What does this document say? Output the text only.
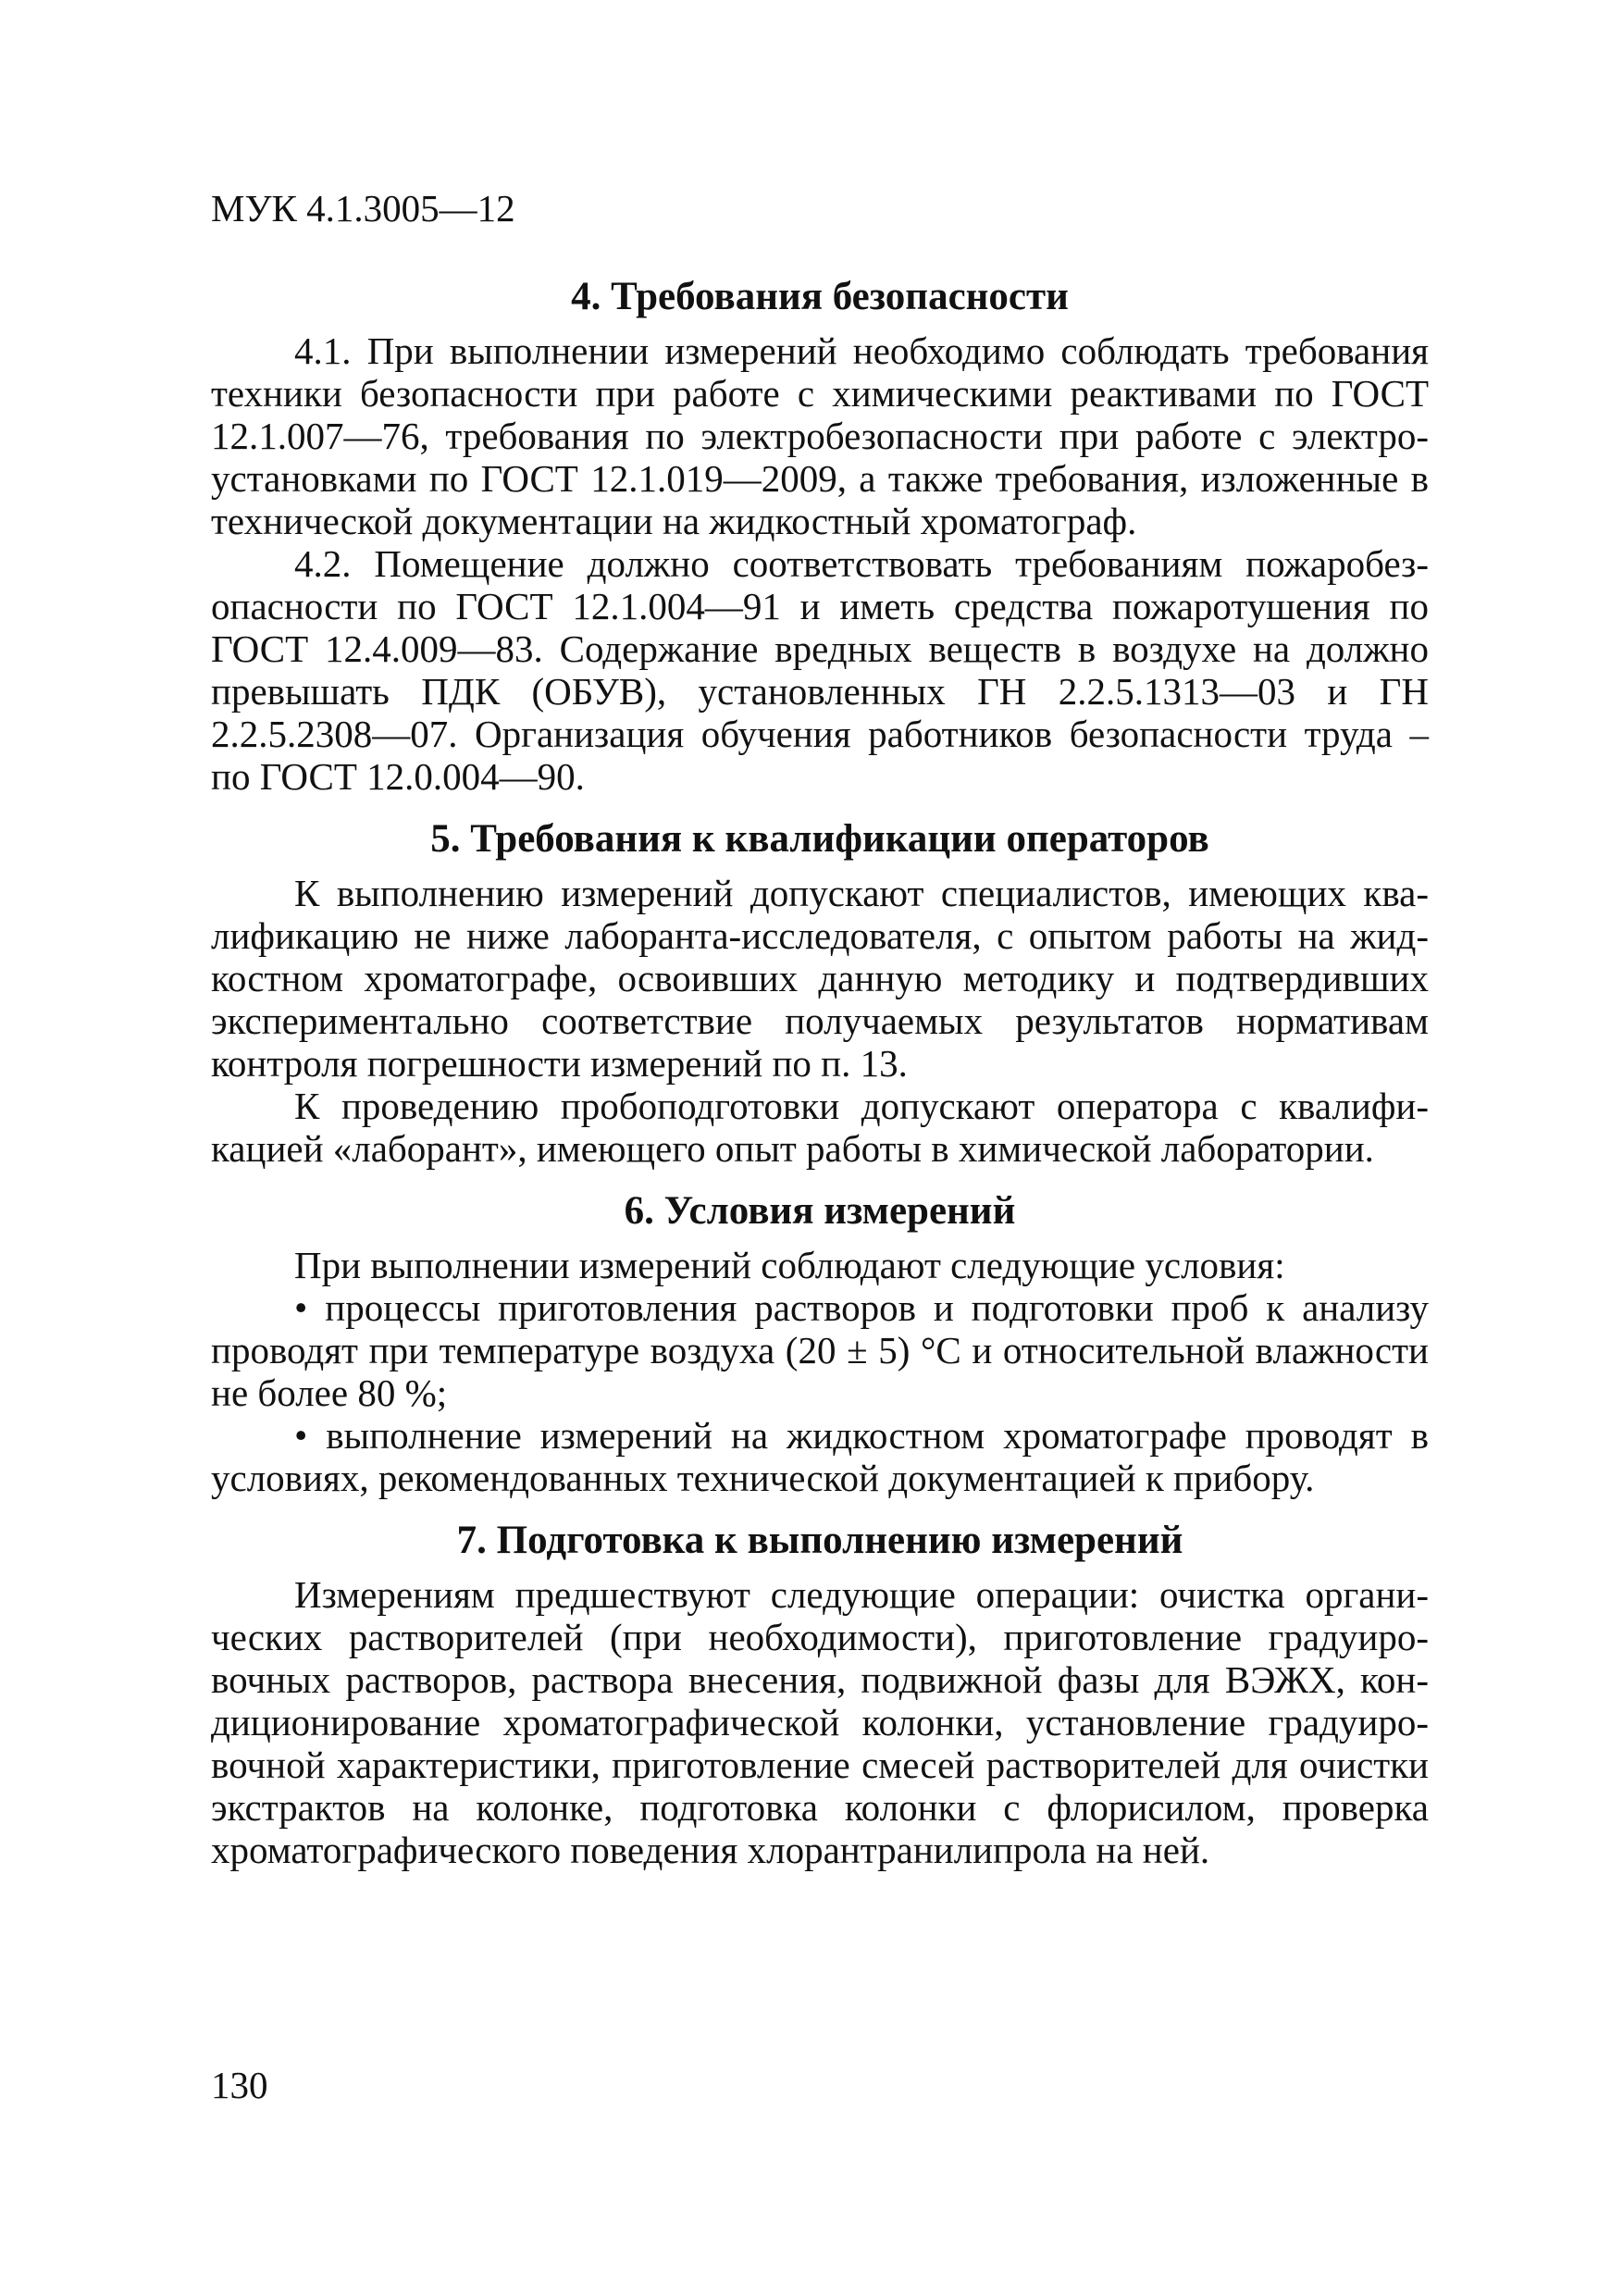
МУК 4.1.3005—12
4. Требования безопасности

4.1. При выполнении измерений необходимо соблюдать требования техники безопасности при работе с химическими реактивами по ГОСТ 12.1.007—76, требования по электробезопасности при работе с электроустановками по ГОСТ 12.1.019—2009, а также требования, изложенные в технической документации на жидкостный хроматограф.

4.2. Помещение должно соответствовать требованиям пожаробезопасности по ГОСТ 12.1.004—91 и иметь средства пожаротушения по ГОСТ 12.4.009—83. Содержание вредных веществ в воздухе на должно превышать ПДК (ОБУВ), установленных ГН 2.2.5.1313—03 и ГН 2.2.5.2308—07. Организация обучения работников безопасности труда – по ГОСТ 12.0.004—90.

5. Требования к квалификации операторов

К выполнению измерений допускают специалистов, имеющих квалификацию не ниже лаборанта-исследователя, с опытом работы на жидкостном хроматографе, освоивших данную методику и подтвердивших экспериментально соответствие получаемых результатов нормативам контроля погрешности измерений по п. 13.

К проведению пробоподготовки допускают оператора с квалификацией «лаборант», имеющего опыт работы в химической лаборатории.

6. Условия измерений

При выполнении измерений соблюдают следующие условия:

• процессы приготовления растворов и подготовки проб к анализу проводят при температуре воздуха (20 ± 5) °С и относительной влажности не более 80 %;

• выполнение измерений на жидкостном хроматографе проводят в условиях, рекомендованных технической документацией к прибору.

7. Подготовка к выполнению измерений

Измерениям предшествуют следующие операции: очистка органических растворителей (при необходимости), приготовление градуировочных растворов, раствора внесения, подвижной фазы для ВЭЖХ, кондиционирование хроматографической колонки, установление градуировочной характеристики, приготовление смесей растворителей для очистки экстрактов на колонке, подготовка колонки с флорисилом, проверка хроматографического поведения хлорантранилипрола на ней.

130
